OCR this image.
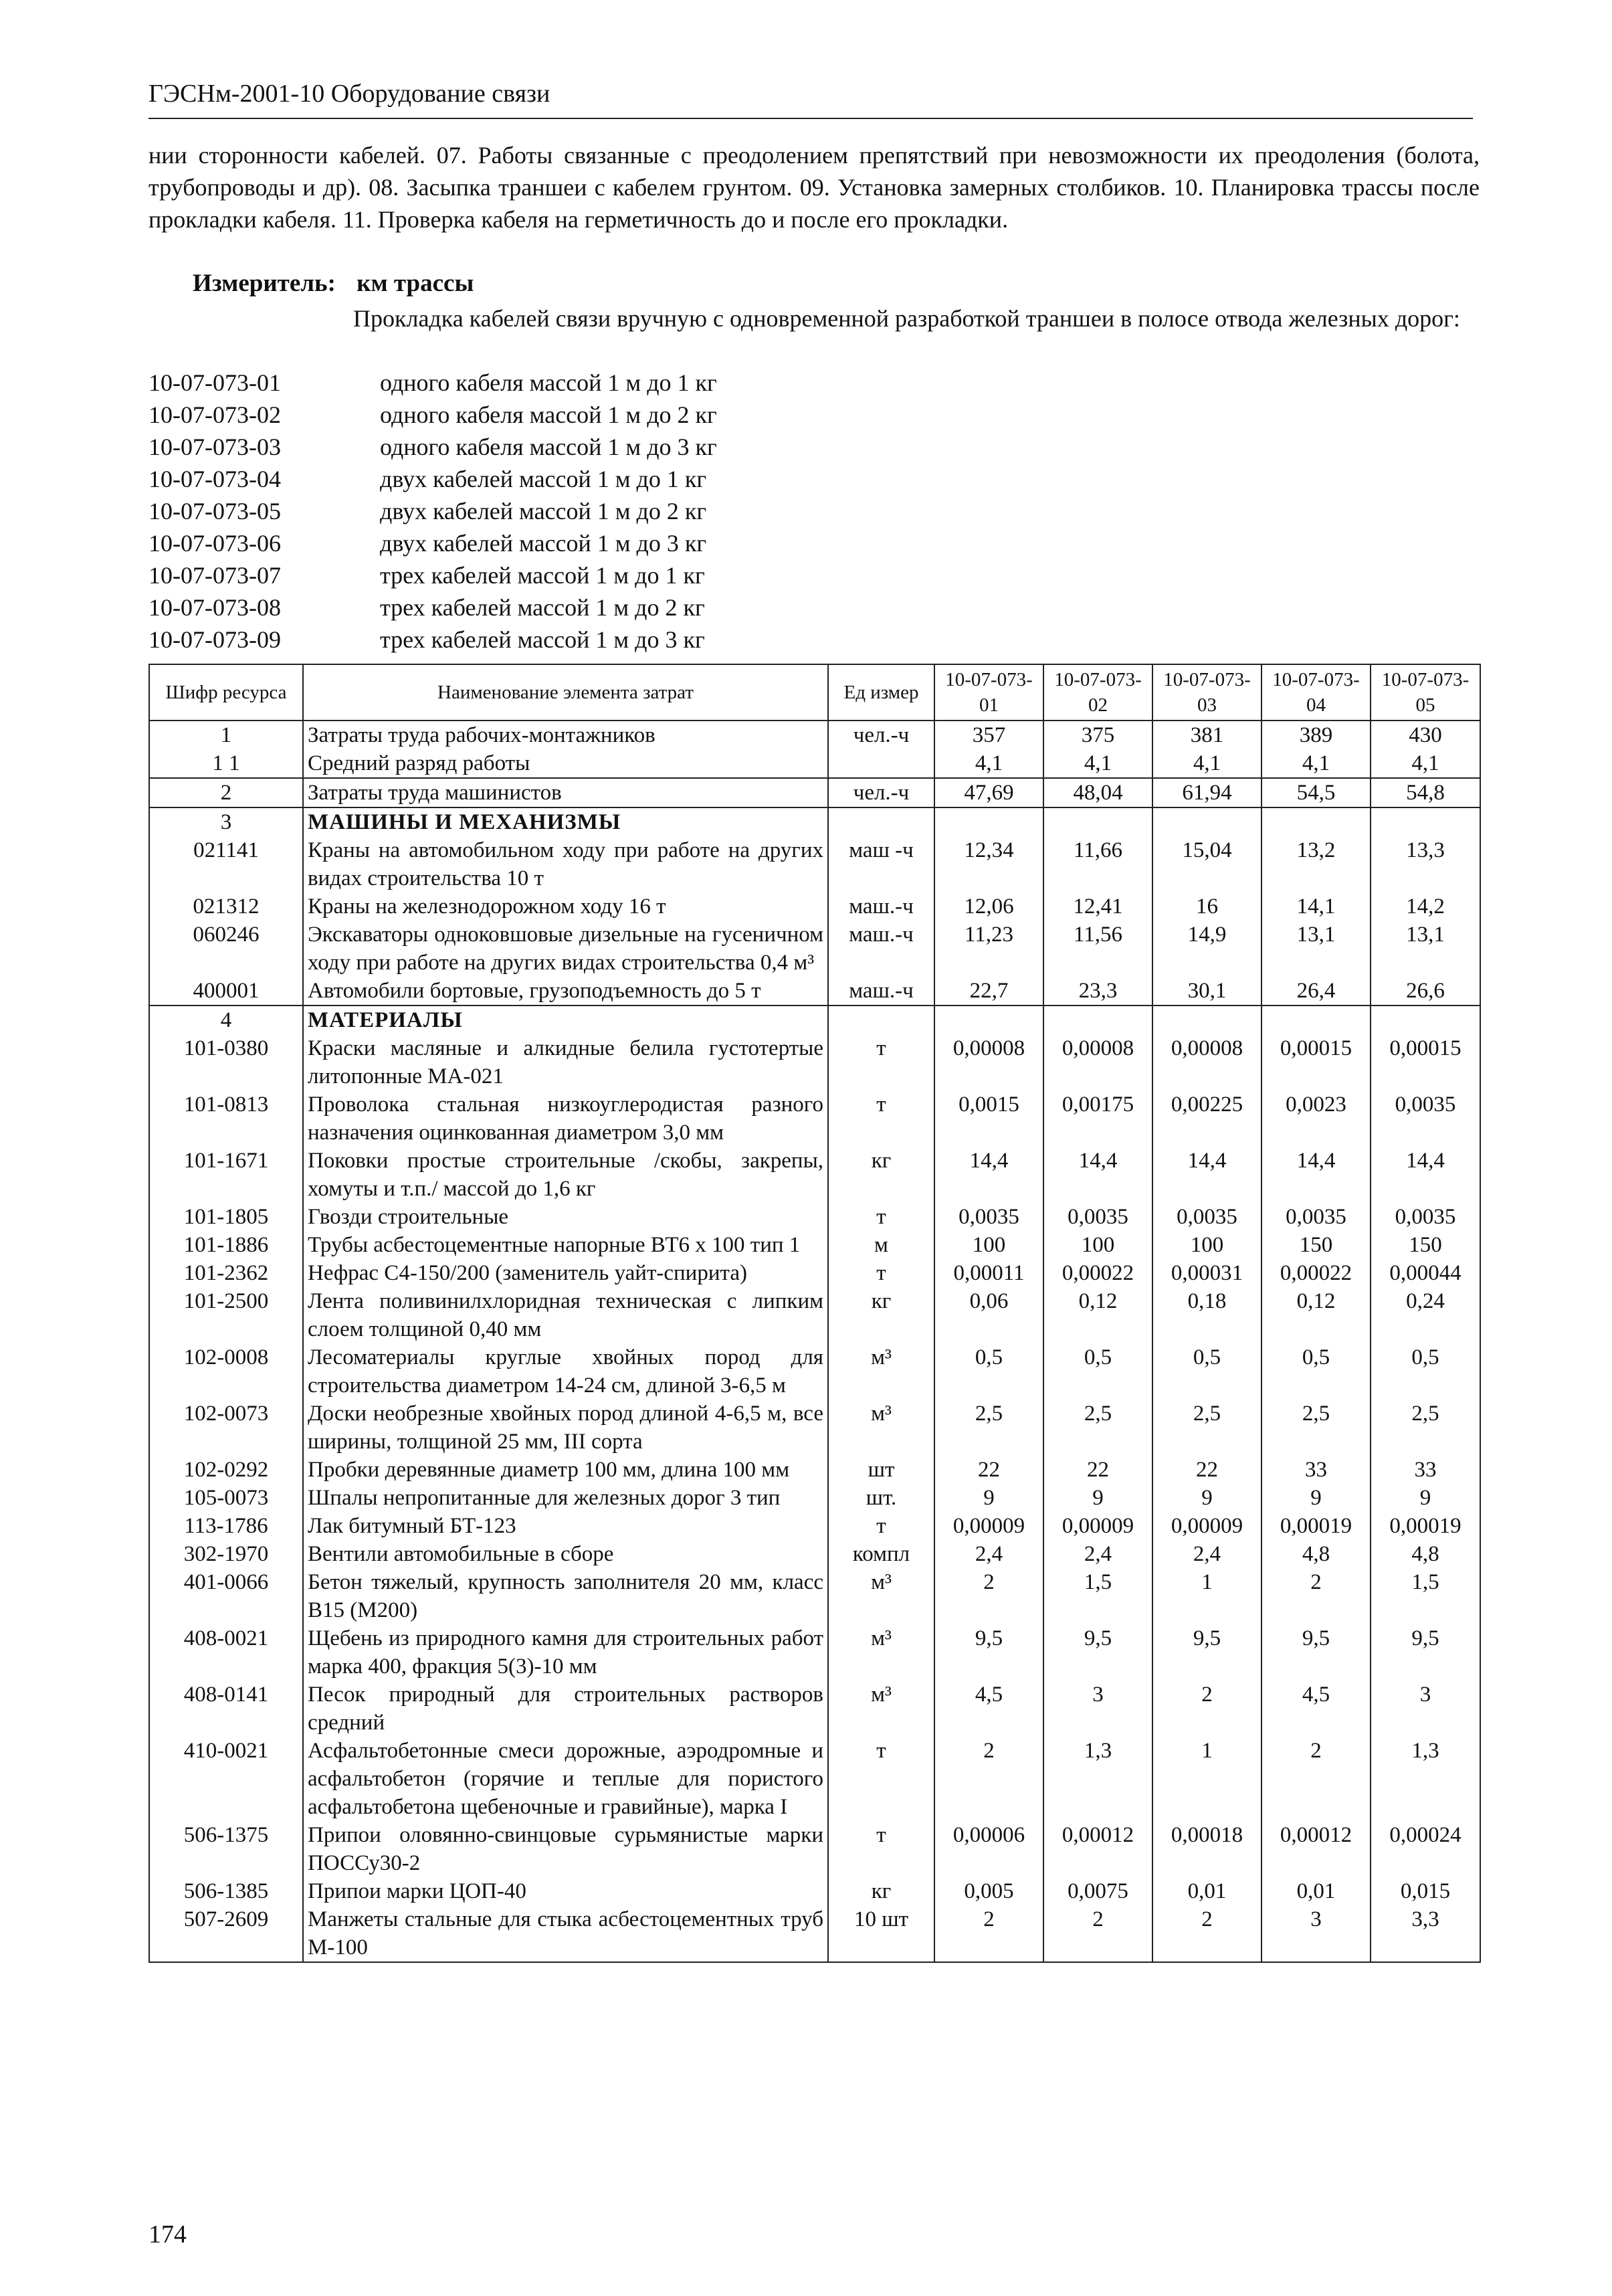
ГЭСНм-2001-10 Оборудование связи
нии сторонности кабелей. 07. Работы связанные с преодолением препятствий при невозможности их преодоления (болота, трубопроводы и др). 08. Засыпка траншеи с кабелем грунтом. 09. Установка замерных столбиков. 10. Планировка трассы после прокладки кабеля. 11. Проверка кабеля на герметичность до и после его прокладки.
Измеритель: км трассы
Прокладка кабелей связи вручную с одновременной разработкой траншеи в полосе отвода железных дорог:
10-07-073-01	одного кабеля массой 1 м до 1 кг
10-07-073-02	одного кабеля массой 1 м до 2 кг
10-07-073-03	одного кабеля массой 1 м до 3 кг
10-07-073-04	двух кабелей массой 1 м до 1 кг
10-07-073-05	двух кабелей массой 1 м до 2 кг
10-07-073-06	двух кабелей массой 1 м до 3 кг
10-07-073-07	трех кабелей массой 1 м до 1 кг
10-07-073-08	трех кабелей массой 1 м до 2 кг
10-07-073-09	трех кабелей массой 1 м до 3 кг
Шифр ресурса	Наименование элемента затрат	Ед измер	10-07-073-01	10-07-073-02	10-07-073-03	10-07-073-04	10-07-073-05
1	Затраты труда рабочих-монтажников	чел.-ч	357	375	381	389	430
1 1	Средний разряд работы		4,1	4,1	4,1	4,1	4,1
2	Затраты труда машинистов	чел.-ч	47,69	48,04	61,94	54,5	54,8
3	МАШИНЫ И МЕХАНИЗМЫ						
021141	Краны на автомобильном ходу при работе на других видах строительства 10 т	маш -ч	12,34	11,66	15,04	13,2	13,3
021312	Краны на железнодорожном ходу 16 т	маш.-ч	12,06	12,41	16	14,1	14,2
060246	Экскаваторы одноковшовые дизельные на гусеничном ходу при работе на других видах строительства 0,4 м³	маш.-ч	11,23	11,56	14,9	13,1	13,1
400001	Автомобили бортовые, грузоподъемность до 5 т	маш.-ч	22,7	23,3	30,1	26,4	26,6
4	МАТЕРИАЛЫ						
101-0380	Краски масляные и алкидные белила густотертые литопонные МА-021	т	0,00008	0,00008	0,00008	0,00015	0,00015
101-0813	Проволока стальная низкоуглеродистая разного назначения оцинкованная диаметром 3,0 мм	т	0,0015	0,00175	0,00225	0,0023	0,0035
101-1671	Поковки простые строительные /скобы, закрепы, хомуты и т.п./ массой до 1,6 кг	кг	14,4	14,4	14,4	14,4	14,4
101-1805	Гвозди строительные	т	0,0035	0,0035	0,0035	0,0035	0,0035
101-1886	Трубы асбестоцементные напорные ВТ6 х 100 тип 1	м	100	100	100	150	150
101-2362	Нефрас С4-150/200 (заменитель уайт-спирита)	т	0,00011	0,00022	0,00031	0,00022	0,00044
101-2500	Лента поливинилхлоридная техническая с липким слоем толщиной 0,40 мм	кг	0,06	0,12	0,18	0,12	0,24
102-0008	Лесоматериалы круглые хвойных пород для строительства диаметром 14-24 см, длиной 3-6,5 м	м³	0,5	0,5	0,5	0,5	0,5
102-0073	Доски необрезные хвойных пород длиной 4-6,5 м, все ширины, толщиной 25 мм, III сорта	м³	2,5	2,5	2,5	2,5	2,5
102-0292	Пробки деревянные диаметр 100 мм, длина 100 мм	шт	22	22	22	33	33
105-0073	Шпалы непропитанные для железных дорог 3 тип	шт.	9	9	9	9	9
113-1786	Лак битумный БТ-123	т	0,00009	0,00009	0,00009	0,00019	0,00019
302-1970	Вентили автомобильные в сборе	компл	2,4	2,4	2,4	4,8	4,8
401-0066	Бетон тяжелый, крупность заполнителя 20 мм, класс В15 (М200)	м³	2	1,5	1	2	1,5
408-0021	Щебень из природного камня для строительных работ марка 400, фракция 5(3)-10 мм	м³	9,5	9,5	9,5	9,5	9,5
408-0141	Песок природный для строительных растворов средний	м³	4,5	3	2	4,5	3
410-0021	Асфальтобетонные смеси дорожные, аэродромные и асфальтобетон (горячие и теплые для пористого асфальтобетона щебеночные и гравийные), марка I	т	2	1,3	1	2	1,3
506-1375	Припои оловянно-свинцовые сурьмянистые марки ПОССу30-2	т	0,00006	0,00012	0,00018	0,00012	0,00024
506-1385	Припои марки ЦОП-40	кг	0,005	0,0075	0,01	0,01	0,015
507-2609	Манжеты стальные для стыка асбестоцементных труб М-100	10 шт	2	2	2	3	3,3
174
